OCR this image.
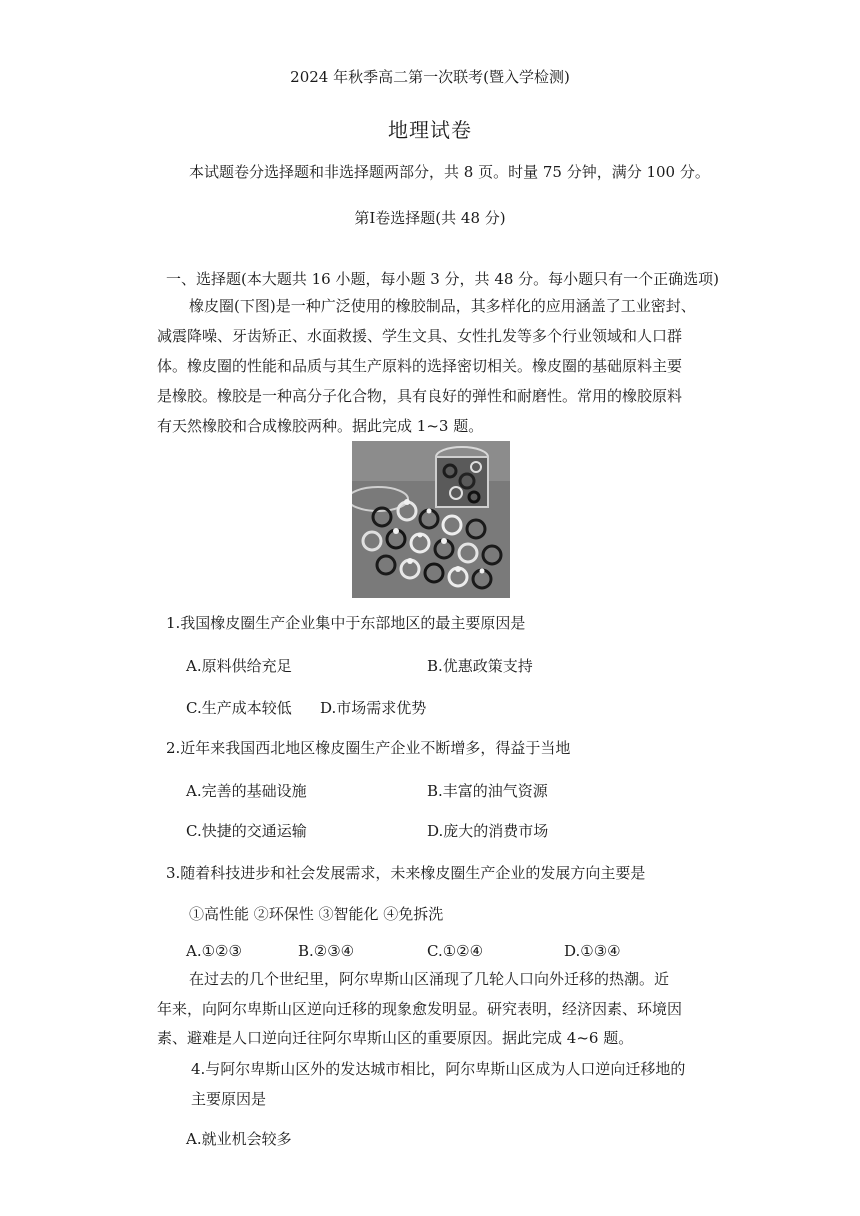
2024 年秋季高二第一次联考(暨入学检测)
地理试卷
本试题卷分选择题和非选择题两部分，共 8 页。时量 75 分钟，满分 100 分。
第Ⅰ卷选择题(共 48 分)
一、选择题(本大题共 16 小题，每小题 3 分，共 48 分。每小题只有一个正确选项)
橡皮圈(下图)是一种广泛使用的橡胶制品，其多样化的应用涵盖了工业密封、
减震降噪、牙齿矫正、水面救援、学生文具、女性扎发等多个行业领域和人口群
体。橡皮圈的性能和品质与其生产原料的选择密切相关。橡皮圈的基础原料主要
是橡胶。橡胶是一种高分子化合物，具有良好的弹性和耐磨性。常用的橡胶原料
有天然橡胶和合成橡胶两种。据此完成 1~3 题。
1.我国橡皮圈生产企业集中于东部地区的最主要原因是
A.原料供给充足	B.优惠政策支持
C.生产成本较低 D.市场需求优势
2.近年来我国西北地区橡皮圈生产企业不断增多，得益于当地
A.完善的基础设施	B.丰富的油气资源
C.快捷的交通运输	D.庞大的消费市场
3.随着科技进步和社会发展需求，未来橡皮圈生产企业的发展方向主要是
①高性能 ②环保性 ③智能化 ④免拆洗
A.①②③	B.②③④	C.①②④	D.①③④
在过去的几个世纪里，阿尔卑斯山区涌现了几轮人口向外迁移的热潮。近
年来，向阿尔卑斯山区逆向迁移的现象愈发明显。研究表明，经济因素、环境因
素、避难是人口逆向迁往阿尔卑斯山区的重要原因。据此完成 4~6 题。
4.与阿尔卑斯山区外的发达城市相比，阿尔卑斯山区成为人口逆向迁移地的
主要原因是
A.就业机会较多
